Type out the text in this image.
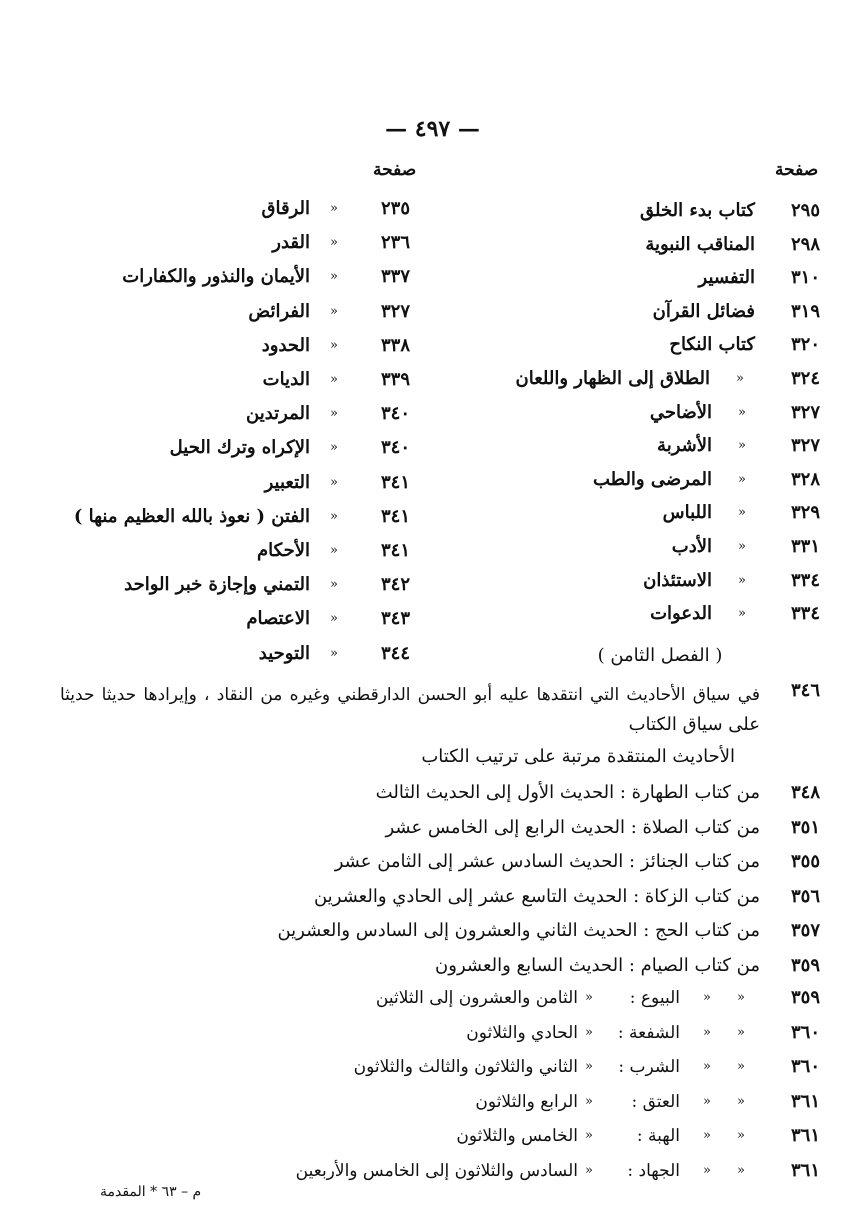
— ٤٩٧ —
صفحة	صفحة
٢٣٥
»
الرقاق
٢٣٦
»
القدر
٣٣٧
»
الأيمان والنذور والكفارات
٣٢٧
»
الفرائض
٣٣٨
»
الحدود
٣٣٩
»
الديات
٣٤٠
»
المرتدين
٣٤٠
»
الإكراه وترك الحيل
٣٤١
»
التعبير
٣٤١
»
الفتن ( نعوذ بالله العظيم منها )
٣٤١
»
الأحكام
٣٤٢
»
التمني وإجازة خبر الواحد
٣٤٣
»
الاعتصام
٣٤٤
»
التوحيد
٢٩٥
كتاب بدء الخلق
٢٩٨
المناقب النبوية
٣١٠
التفسير
٣١٩
فضائل القرآن
٣٢٠
كتاب النكاح
٣٢٤
»
الطلاق إلى الظهار واللعان
٣٢٧
»
الأضاحي
٣٢٧
»
الأشربة
٣٢٨
»
المرضى والطب
٣٢٩
»
اللباس
٣٣١
»
الأدب
٣٣٤
»
الاستئذان
٣٣٤
»
الدعوات
( الفصل الثامن )
٣٤٦
في سياق الأحاديث التي انتقدها عليه أبو الحسن الدارقطني وغيره من النقاد ، وإيرادها حديثا حديثا
على سياق الكتاب
الأحاديث المنتقدة مرتبة على ترتيب الكتاب
٣٤٨
من كتاب الطهارة : الحديث الأول إلى الحديث الثالث
٣٥١
من كتاب الصلاة : الحديث الرابع إلى الخامس عشر
٣٥٥
من كتاب الجنائز : الحديث السادس عشر إلى الثامن عشر
٣٥٦
من كتاب الزكاة : الحديث التاسع عشر إلى الحادي والعشرين
٣٥٧
من كتاب الحج : الحديث الثاني والعشرون إلى السادس والعشرين
٣٥٩
من كتاب الصيام : الحديث السابع والعشرون
٣٥٩
»
»
البيوع :
»
الثامن والعشرون إلى الثلاثين
٣٦٠
»
»
الشفعة :
»
الحادي والثلاثون
٣٦٠
»
»
الشرب :
»
الثاني والثلاثون والثالث والثلاثون
٣٦١
»
»
العتق :
»
الرابع والثلاثون
٣٦١
»
»
الهبة :
»
الخامس والثلاثون
٣٦١
»
»
الجهاد :
»
السادس والثلاثون إلى الخامس والأربعين
م – ٦٣ * المقدمة
